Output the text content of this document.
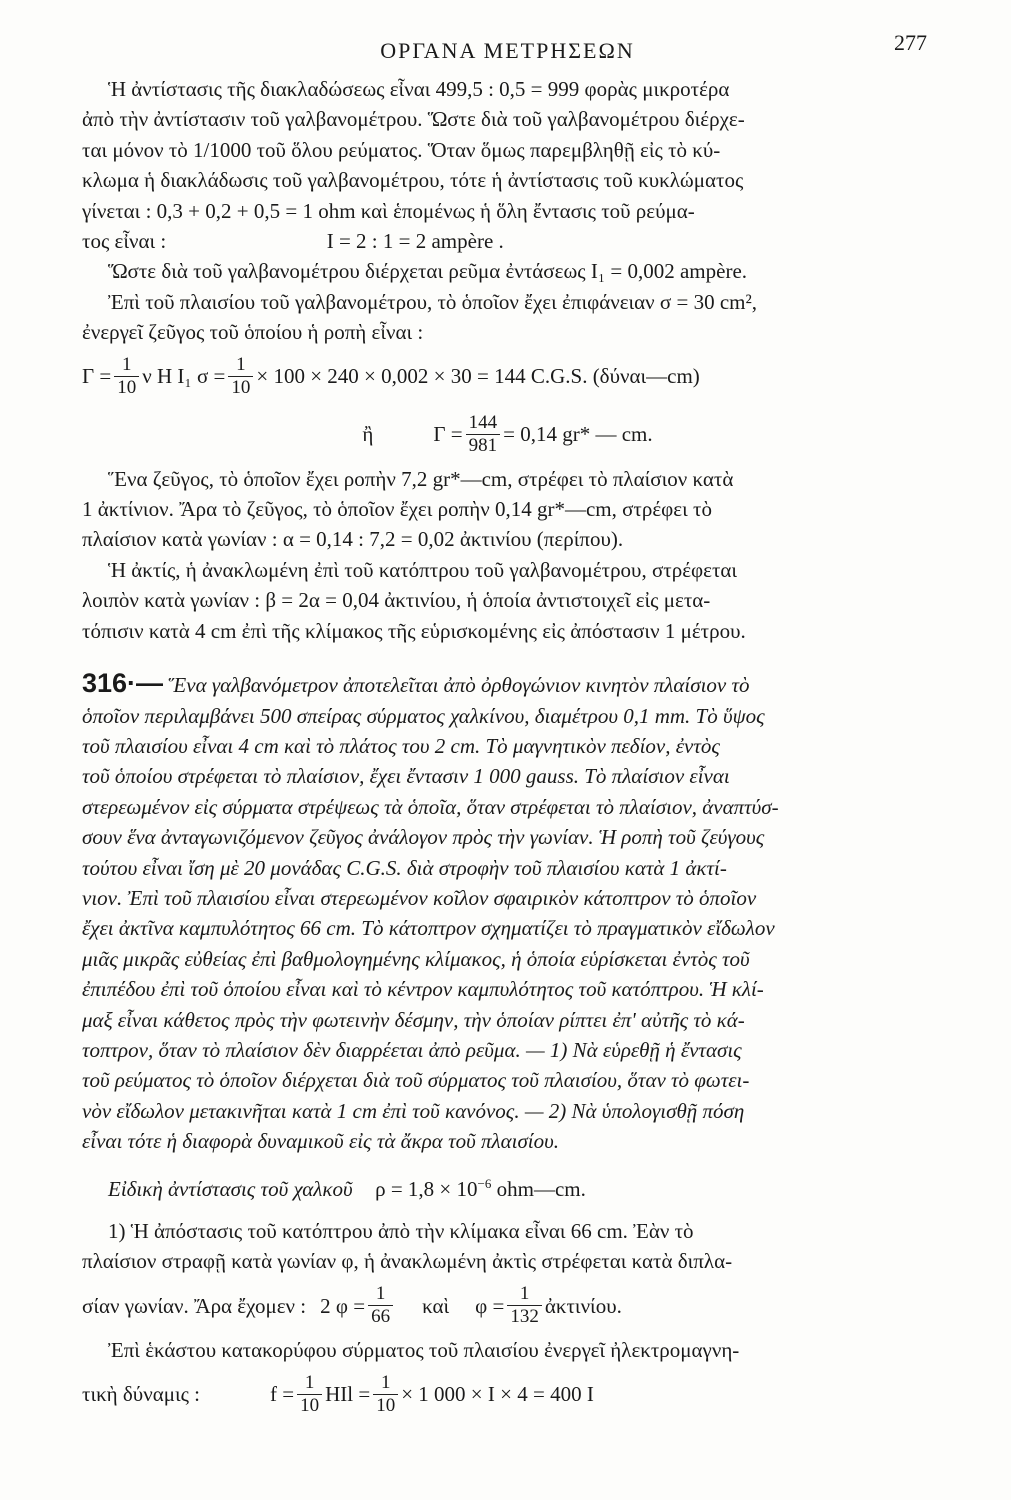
ΟΡΓΑΝΑ ΜΕΤΡΗΣΕΩΝ	277
Ἡ ἀντίστασις τῆς διακλαδώσεως εἶναι 499,5 : 0,5 = 999 φορὰς μικροτέρα
ἀπὸ τὴν ἀντίστασιν τοῦ γαλβανομέτρου. Ὥστε διὰ τοῦ γαλβανομέτρου διέρχε-
ται μόνον τὸ 1/1000 τοῦ ὅλου ρεύματος. Ὅταν ὅμως παρεμβληθῇ εἰς τὸ κύ-
κλωμα ἡ διακλάδωσις τοῦ γαλβανομέτρου, τότε ἡ ἀντίστασις τοῦ κυκλώματος
γίνεται : 0,3 + 0,2 + 0,5 = 1 ohm καὶ ἑπομένως ἡ ὅλη ἔντασις τοῦ ρεύμα-
τος εἶναι :	I = 2 : 1 = 2 ampère .
Ὥστε διὰ τοῦ γαλβανομέτρου διέρχεται ρεῦμα ἐντάσεως I₁ = 0,002 ampère.
Ἐπὶ τοῦ πλαισίου τοῦ γαλβανομέτρου, τὸ ὁποῖον ἔχει ἐπιφάνειαν σ = 30 cm²,
ἐνεργεῖ ζεῦγος τοῦ ὁποίου ἡ ροπὴ εἶναι :
$\Gamma = \frac{1}{10}$ ν H I₁ $\sigma = \frac{1}{10} \times 100 \times 240 \times 0,002 \times 30 = 144$ C.G.S. (δύναι—cm)
ἢ	$\Gamma = \frac{144}{981} = 0,14$ gr* — cm.
Ἕνα ζεῦγος, τὸ ὁποῖον ἔχει ροπὴν 7,2 gr*—cm, στρέφει τὸ πλαίσιον κατὰ
1 ἀκτίνιον. Ἄρα τὸ ζεῦγος, τὸ ὁποῖον ἔχει ροπὴν 0,14 gr*—cm, στρέφει τὸ
πλαίσιον κατὰ γωνίαν : α = 0,14 : 7,2 = 0,02 ἀκτινίου (περίπου).
Ἡ ἀκτίς, ἡ ἀνακλωμένη ἐπὶ τοῦ κατόπτρου τοῦ γαλβανομέτρου, στρέφεται
λοιπὸν κατὰ γωνίαν : β = 2α = 0,04 ἀκτινίου, ἡ ὁποία ἀντιστοιχεῖ εἰς μετα-
τόπισιν κατὰ 4 cm ἐπὶ τῆς κλίμακος τῆς εὑρισκομένης εἰς ἀπόστασιν 1 μέτρου.
316·— Ἕνα γαλβανόμετρον ἀποτελεῖται ἀπὸ ὀρθογώνιον κινητὸν πλαίσιον τὸ
ὁποῖον περιλαμβάνει 500 σπείρας σύρματος χαλκίνου, διαμέτρου 0,1 mm. Τὸ ὕψος
τοῦ πλαισίου εἶναι 4 cm καὶ τὸ πλάτος του 2 cm. Τὸ μαγνητικὸν πεδίον, ἐντὸς
τοῦ ὁποίου στρέφεται τὸ πλαίσιον, ἔχει ἔντασιν 1 000 gauss. Τὸ πλαίσιον εἶναι
στερεωμένον εἰς σύρματα στρέψεως τὰ ὁποῖα, ὅταν στρέφεται τὸ πλαίσιον, ἀναπτύσ-
σουν ἕνα ἀνταγωνιζόμενον ζεῦγος ἀνάλογον πρὸς τὴν γωνίαν. Ἡ ροπὴ τοῦ ζεύγους
τούτου εἶναι ἴση μὲ 20 μονάδας C.G.S. διὰ στροφὴν τοῦ πλαισίου κατὰ 1 ἀκτί-
νιον. Ἐπὶ τοῦ πλαισίου εἶναι στερεωμένον κοῖλον σφαιρικὸν κάτοπτρον τὸ ὁποῖον
ἔχει ἀκτῖνα καμπυλότητος 66 cm. Τὸ κάτοπτρον σχηματίζει τὸ πραγματικὸν εἴδωλον
μιᾶς μικρᾶς εὐθείας ἐπὶ βαθμολογημένης κλίμακος, ἡ ὁποία εὑρίσκεται ἐντὸς τοῦ
ἐπιπέδου ἐπὶ τοῦ ὁποίου εἶναι καὶ τὸ κέντρον καμπυλότητος τοῦ κατόπτρου. Ἡ κλί-
μαξ εἶναι κάθετος πρὸς τὴν φωτεινὴν δέσμην, τὴν ὁποίαν ρίπτει ἐπ' αὐτῆς τὸ κά-
τοπτρον, ὅταν τὸ πλαίσιον δὲν διαρρέεται ἀπὸ ρεῦμα. — 1) Νὰ εὑρεθῇ ἡ ἔντασις
τοῦ ρεύματος τὸ ὁποῖον διέρχεται διὰ τοῦ σύρματος τοῦ πλαισίου, ὅταν τὸ φωτει-
νὸν εἴδωλον μετακινῆται κατὰ 1 cm ἐπὶ τοῦ κανόνος. — 2) Νὰ ὑπολογισθῇ πόση
εἶναι τότε ἡ διαφορὰ δυναμικοῦ εἰς τὰ ἄκρα τοῦ πλαισίου.
Εἰδικὴ ἀντίστασις τοῦ χαλκοῦ $\rho = 1,8 \times 10^{-6}$ ohm—cm.
1) Ἡ ἀπόστασις τοῦ κατόπτρου ἀπὸ τὴν κλίμακα εἶναι 66 cm. Ἐὰν τὸ
πλαίσιον στραφῇ κατὰ γωνίαν φ, ἡ ἀνακλωμένη ἀκτὶς στρέφεται κατὰ διπλα-
σίαν γωνίαν. Ἄρα ἔχομεν : 2 $\varphi = \frac{1}{66}$ καὶ $\varphi = \frac{1}{132}$ ἀκτινίου.
Ἐπὶ ἑκάστου κατακορύφου σύρματος τοῦ πλαισίου ἐνεργεῖ ἠλεκτρομαγνη-
τικὴ δύναμις :	$f = \frac{1}{10}$ HIl = $\frac{1}{10} \times 1$ 000 × I × 4 = 400 I
